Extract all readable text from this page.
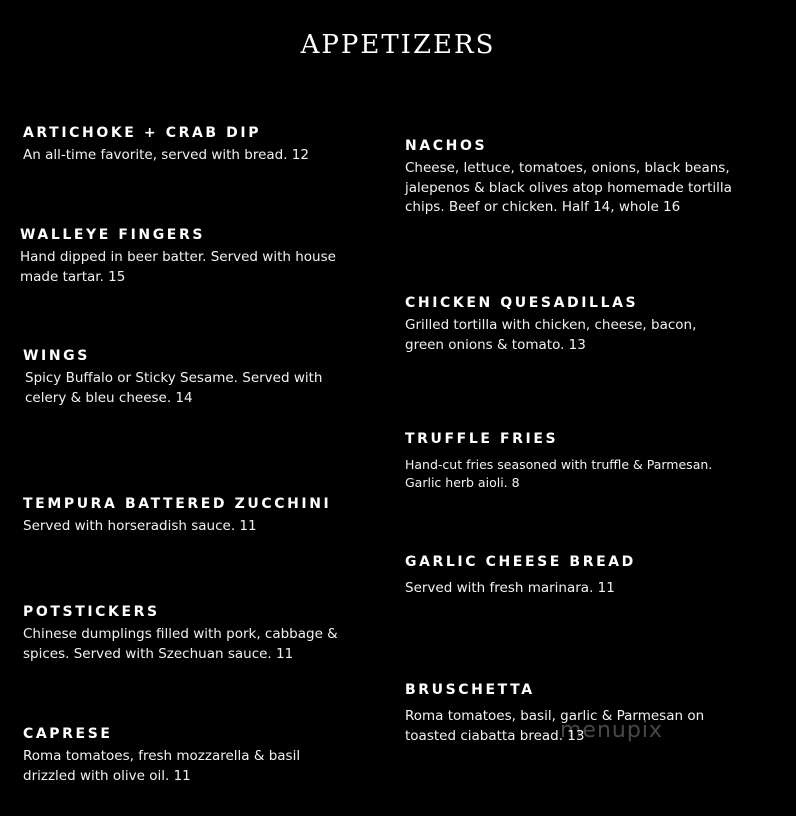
APPETIZERS
ARTICHOKE + CRAB DIP
An all-time favorite, served with bread. 12
WALLEYE FINGERS
Hand dipped in beer batter. Served with house
made tartar. 15
WINGS
Spicy Buffalo or Sticky Sesame. Served with
celery & bleu cheese. 14
TEMPURA BATTERED ZUCCHINI
Served with horseradish sauce. 11
POTSTICKERS
Chinese dumplings filled with pork, cabbage &
spices. Served with Szechuan sauce. 11
CAPRESE
Roma tomatoes, fresh mozzarella & basil
drizzled with olive oil. 11
NACHOS
Cheese, lettuce, tomatoes, onions, black beans,
jalepenos & black olives atop homemade tortilla
chips. Beef or chicken. Half 14, whole 16
CHICKEN QUESADILLAS
Grilled tortilla with chicken, cheese, bacon,
green onions & tomato. 13
TRUFFLE FRIES
Hand-cut fries seasoned with truffle & Parmesan.
Garlic herb aioli. 8
GARLIC CHEESE BREAD
Served with fresh marinara. 11
BRUSCHETTA
Roma tomatoes, basil, garlic & Parmesan on
toasted ciabatta bread. 13
menupix
